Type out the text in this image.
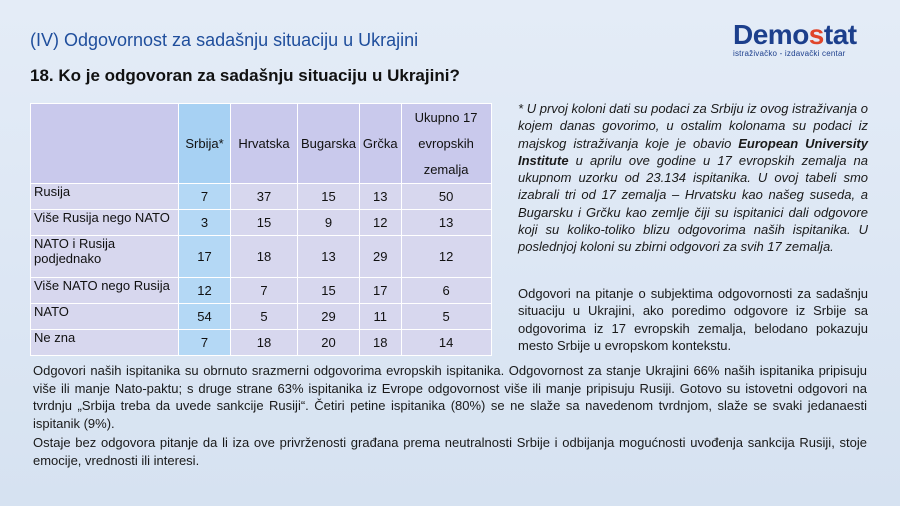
(IV) Odgovornost za sadašnju situaciju u Ukrajini
18. Ko je odgovoran za sadašnju situaciju u Ukrajini?
Demostat
istraživačko - izdavački centar
	Srbija*	Hrvatska	Bugarska	Grčka	Ukupno 17
evropskih
zemalja

Rusija	7	37	15	13	50
Više Rusija nego NATO	3	15	9	12	13
NATO i Rusija podjednako	17	18	13	29	12
Više NATO nego Rusija	12	7	15	17	6
NATO	54	5	29	11	5
Ne zna	7	18	20	18	14
* U prvoj koloni dati su podaci za Srbiju iz ovog istraživanja o kojem danas govorimo, u ostalim kolonama su podaci iz majskog istraživanja koje je obavio European University Institute u aprilu ove godine u 17 evropskih zemalja na ukupnom uzorku od 23.134 ispitanika. U ovoj tabeli smo izabrali tri od 17 zemalja – Hrvatsku kao našeg suseda, a Bugarsku i Grčku kao zemlje čiji su ispitanici dali odgovore koji su koliko-toliko blizu odgovorima naših ispitanika. U poslednjoj koloni su zbirni odgovori za svih 17 zemalja.
Odgovori na pitanje o subjektima odgovornosti za sadašnju situaciju u Ukrajini, ako poredimo odgovore iz Srbije sa odgovorima iz 17 evropskih zemalja, belodano pokazuju mesto Srbije u evropskom kontekstu.

Odgovori naših ispitanika su obrnuto srazmerni odgovorima evropskih ispitanika. Odgovornost za stanje Ukrajini 66% naših ispitanika pripisuju više ili manje Nato-paktu; s druge strane 63% ispitanika iz Evrope odgovornost više ili manje pripisuju Rusiji. Gotovo su istovetni odgovori na tvrdnju „Srbija treba da uvede sankcije Rusiji“. Četiri petine ispitanika (80%) se ne slaže sa navedenom tvrdnjom, slaže se svaki jedanaesti ispitanik (9%).

Ostaje bez odgovora pitanje da li iza ove privrženosti građana prema neutralnosti Srbije i odbijanja mogućnosti uvođenja sankcija Rusiji, stoje emocije, vrednosti ili interesi.
